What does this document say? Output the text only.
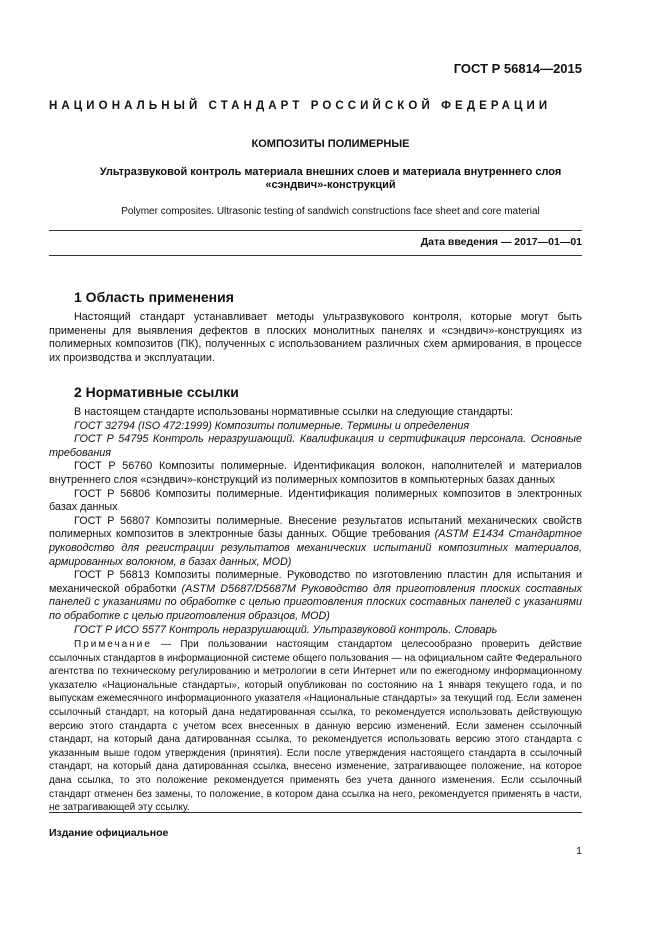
ГОСТ Р 56814—2015
НАЦИОНАЛЬНЫЙ СТАНДАРТ РОССИЙСКОЙ ФЕДЕРАЦИИ
КОМПОЗИТЫ ПОЛИМЕРНЫЕ
Ультразвуковой контроль материала внешних слоев и материала внутреннего слоя
«сэндвич»-конструкций
Polymer composites. Ultrasonic testing of sandwich constructions face sheet and core material
Дата введения — 2017—01—01
1 Область применения

Настоящий стандарт устанавливает методы ультразвукового контроля, которые могут быть применены для выявления дефектов в плоских монолитных панелях и «сэндвич»-конструкциях из полимерных композитов (ПК), полученных с использованием различных схем армирования, в процессе их производства и эксплуатации.

2 Нормативные ссылки

В настоящем стандарте использованы нормативные ссылки на следующие стандарты:

ГОСТ 32794 (ISO 472:1999) Композиты полимерные. Термины и определения

ГОСТ Р 54795 Контроль неразрушающий. Квалификация и сертификация персонала. Основные требования

ГОСТ Р 56760 Композиты полимерные. Идентификация волокон, наполнителей и материалов внутреннего слоя «сэндвич»-конструкций из полимерных композитов в компьютерных базах данных

ГОСТ Р 56806 Композиты полимерные. Идентификация полимерных композитов в электронных базах данных

ГОСТ Р 56807 Композиты полимерные. Внесение результатов испытаний механических свойств полимерных композитов в электронные базы данных. Общие требования (ASTM E1434 Стандартное руководство для регистрации результатов механических испытаний композитных материалов, армированных волокном, в базах данных, MOD)

ГОСТ Р 56813 Композиты полимерные. Руководство по изготовлению пластин для испытания и механической обработки (ASTM D5687/D5687M Руководство для приготовления плоских составных панелей с указаниями по обработке с целью приготовления плоских составных панелей с указаниями по обработке с целью приготовления образцов, MOD)

ГОСТ Р ИСО 5577 Контроль неразрушающий. Ультразвуковой контроль. Словарь

Примечание — При пользовании настоящим стандартом целесообразно проверить действие ссылочных стандартов в информационной системе общего пользования — на официальном сайте Федерального агентства по техническому регулированию и метрологии в сети Интернет или по ежегодному информационному указателю «Национальные стандарты», который опубликован по состоянию на 1 января текущего года, и по выпускам ежемесячного информационного указателя «Национальные стандарты» за текущий год. Если заменен ссылочный стандарт, на который дана недатированная ссылка, то рекомендуется использовать действующую версию этого стандарта с учетом всех внесенных в данную версию изменений. Если заменен ссылочный стандарт, на который дана датированная ссылка, то рекомендуется использовать версию этого стандарта с указанным выше годом утверждения (принятия). Если после утверждения настоящего стандарта в ссылочный стандарт, на который дана датированная ссылка, внесено изменение, затрагивающее положение, на которое дана ссылка, то это положение рекомендуется применять без учета данного изменения. Если ссылочный стандарт отменен без замены, то положение, в котором дана ссылка на него, рекомендуется применять в части, не затрагивающей эту ссылку.

Издание официальное
1
